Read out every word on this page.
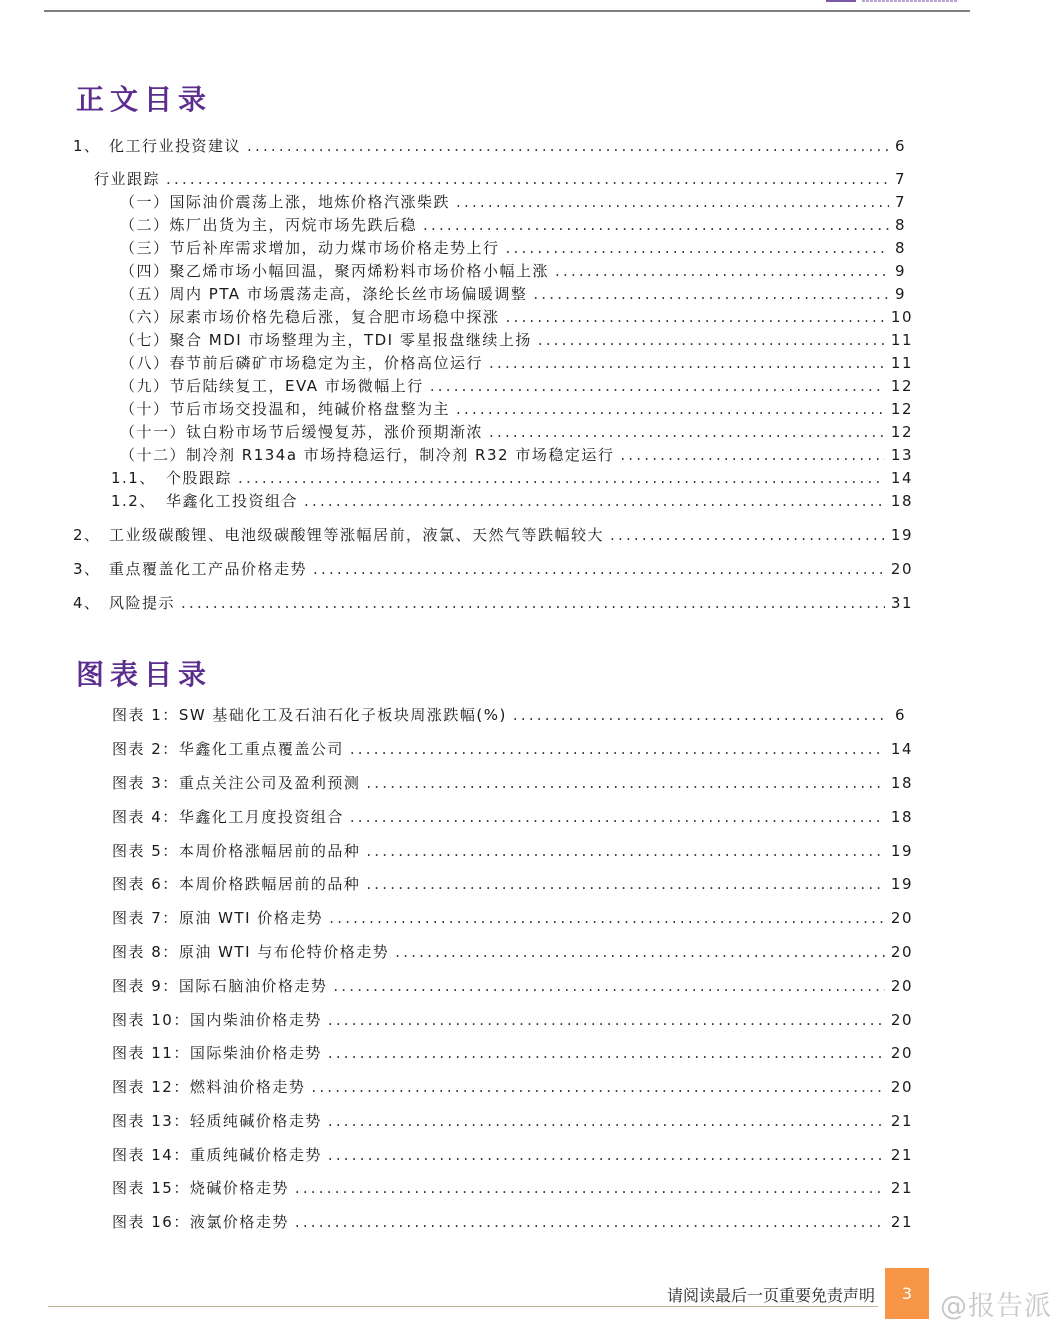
正文目录
1、 化工行业投资建议 .....	6
行业跟踪 .....	7
（一）国际油价震荡上涨，地炼价格汽涨柴跌 .....	7
（二）炼厂出货为主，丙烷市场先跌后稳 .....	8
（三）节后补库需求增加，动力煤市场价格走势上行 .....	8
（四）聚乙烯市场小幅回温，聚丙烯粉料市场价格小幅上涨 .....	9
（五）周内 PTA 市场震荡走高，涤纶长丝市场偏暖调整 .....	9
（六）尿素市场价格先稳后涨，复合肥市场稳中探涨 .....	10
（七）聚合 MDI 市场整理为主，TDI 零星报盘继续上扬 .....	11
（八）春节前后磷矿市场稳定为主，价格高位运行 .....	11
（九）节后陆续复工，EVA 市场微幅上行 .....	12
（十）节后市场交投温和，纯碱价格盘整为主 .....	12
（十一）钛白粉市场节后缓慢复苏，涨价预期渐浓 .....	12
（十二）制冷剂 R134a 市场持稳运行，制冷剂 R32 市场稳定运行 .....	13
1.1、 个股跟踪 .....	14
1.2、 华鑫化工投资组合 .....	18
2、 工业级碳酸锂、电池级碳酸锂等涨幅居前，液氯、天然气等跌幅较大 .....	19
3、 重点覆盖化工产品价格走势 .....	20
4、 风险提示 .....	31
图表目录
图表 1： SW 基础化工及石油石化子板块周涨跌幅(%) .....	6
图表 2： 华鑫化工重点覆盖公司 .....	14
图表 3： 重点关注公司及盈利预测 .....	18
图表 4： 华鑫化工月度投资组合 .....	18
图表 5： 本周价格涨幅居前的品种 .....	19
图表 6： 本周价格跌幅居前的品种 .....	19
图表 7： 原油 WTI 价格走势 .....	20
图表 8： 原油 WTI 与布伦特价格走势 .....	20
图表 9： 国际石脑油价格走势 .....	20
图表 10： 国内柴油价格走势 .....	20
图表 11： 国际柴油价格走势 .....	20
图表 12： 燃料油价格走势 .....	20
图表 13： 轻质纯碱价格走势 .....	21
图表 14： 重质纯碱价格走势 .....	21
图表 15： 烧碱价格走势 .....	21
图表 16： 液氯价格走势 .....	21
请阅读最后一页重要免责声明	3	@报告派
